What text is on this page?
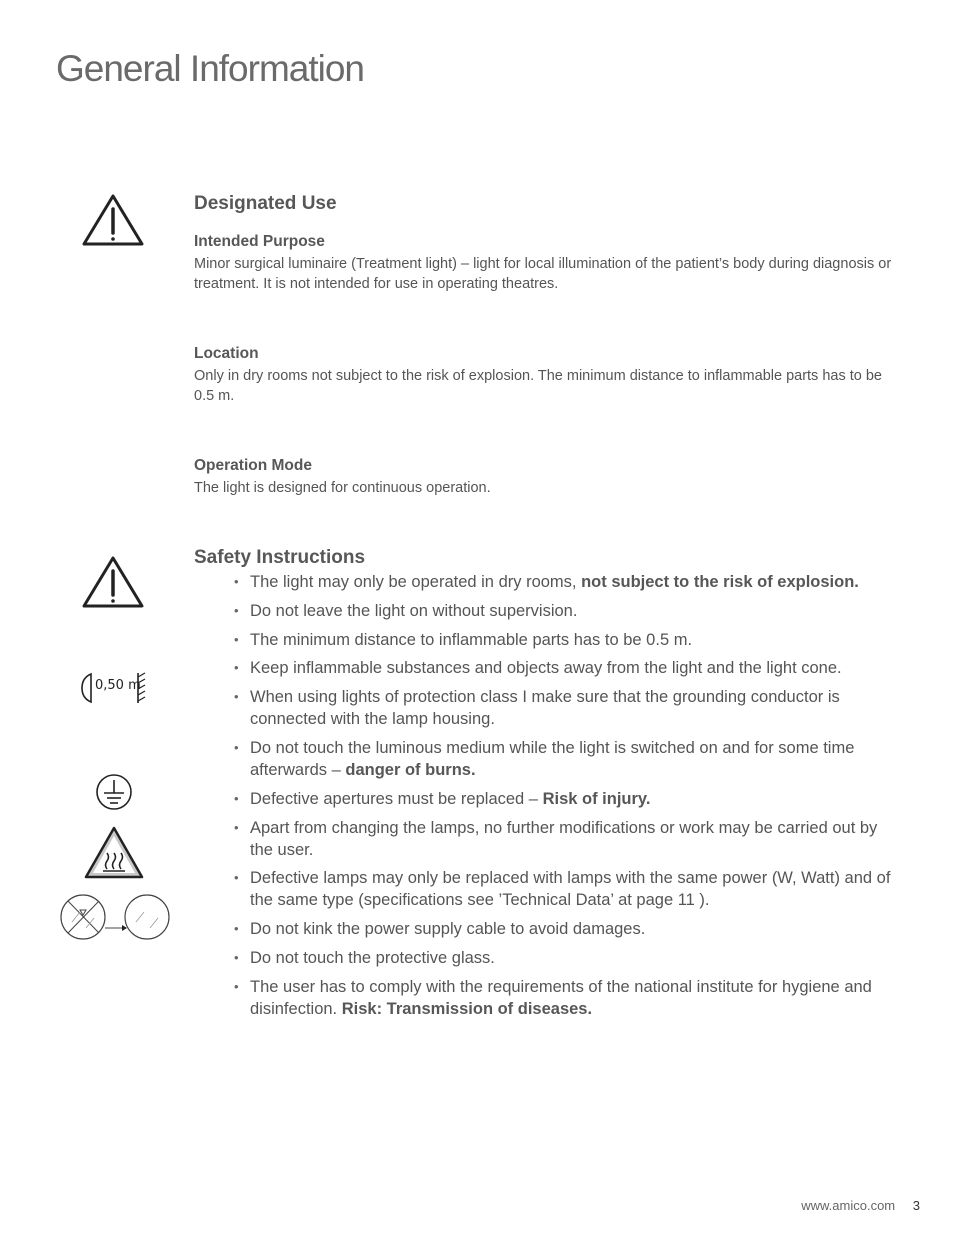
General Information
Designated Use
Intended Purpose

Minor surgical luminaire (Treatment light) – light for local illumination of the patient’s body during diagnosis or treatment. It is not intended for use in operating theatres.

Location

Only in dry rooms not subject to the risk of explosion. The minimum distance to inflammable parts has to be 0.5 m.

Operation Mode

The light is designed for continuous operation.

0,50 m
Safety Instructions
• The light may only be operated in dry rooms, not subject to the risk of explosion.
• Do not leave the light on without supervision.
• The minimum distance to inflammable parts has to be 0.5 m.
• Keep inflammable substances and objects away from the light and the light cone.
• When using lights of protection class I make sure that the grounding conductor is connected with the lamp housing.
• Do not touch the luminous medium while the light is switched on and for some time afterwards – danger of burns.
• Defective apertures must be replaced – Risk of injury.
• Apart from changing the lamps, no further modifications or work may be carried out by the user.
• Defective lamps may only be replaced with lamps with the same power (W, Watt) and of the same type (specifications see ’Technical Data’ at page 11 ).
• Do not kink the power supply cable to avoid damages.
• Do not touch the protective glass.
• The user has to comply with the requirements of the national institute for hygiene and disinfection. Risk: Transmission of diseases.
www.amico.com 3
